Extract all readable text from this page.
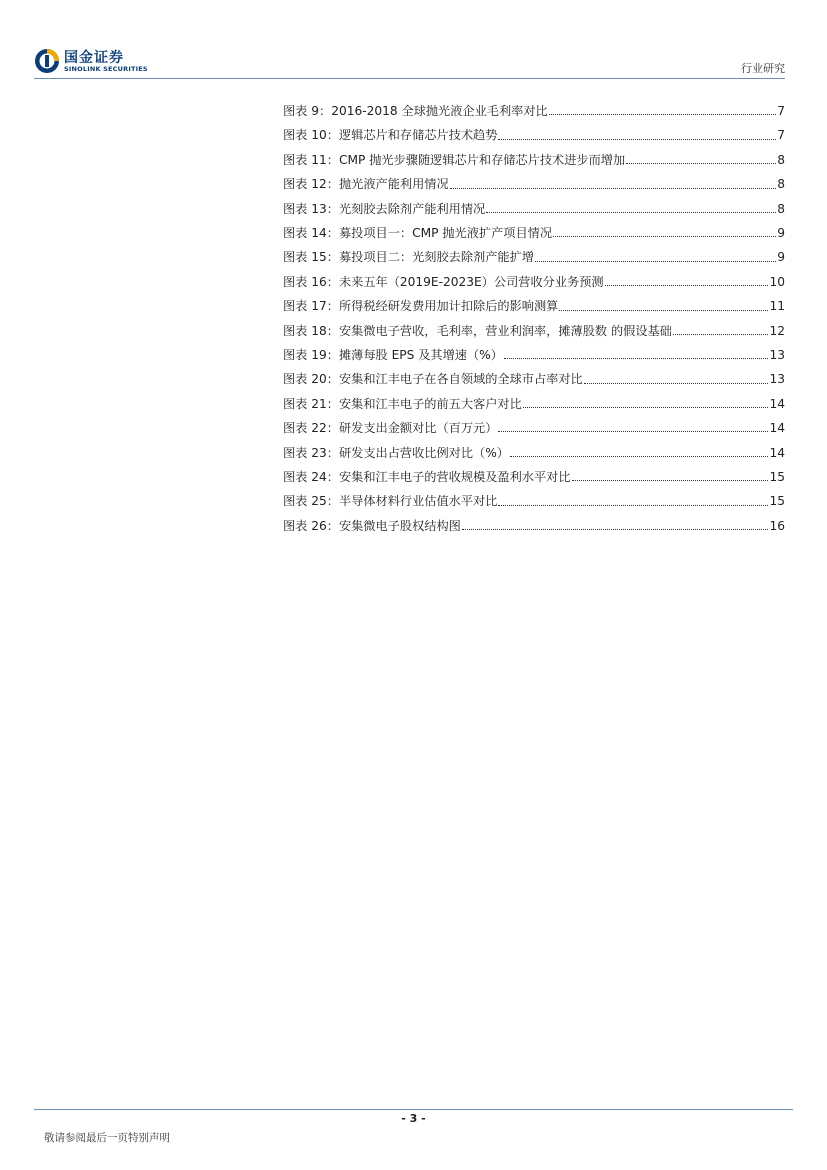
国金证券
SINOLINK SECURITIES	行业研究
图表 9：2016-2018 全球抛光液企业毛利率对比	7
图表 10：逻辑芯片和存储芯片技术趋势	7
图表 11：CMP 抛光步骤随逻辑芯片和存储芯片技术进步而增加	8
图表 12：抛光液产能利用情况	8
图表 13：光刻胶去除剂产能利用情况	8
图表 14：募投项目一：CMP 抛光液扩产项目情况	9
图表 15：募投项目二：光刻胶去除剂产能扩增	9
图表 16：未来五年（2019E-2023E）公司营收分业务预测	10
图表 17：所得税经研发费用加计扣除后的影响测算	11
图表 18：安集微电子营收，毛利率，营业利润率，摊薄股数 的假设基础	12
图表 19：摊薄每股 EPS 及其增速（%）	13
图表 20：安集和江丰电子在各自领域的全球市占率对比	13
图表 21：安集和江丰电子的前五大客户对比	14
图表 22：研发支出金额对比（百万元）	14
图表 23：研发支出占营收比例对比（%）	14
图表 24：安集和江丰电子的营收规模及盈利水平对比	15
图表 25：半导体材料行业估值水平对比	15
图表 26：安集微电子股权结构图	16
- 3 -
敬请参阅最后一页特别声明
